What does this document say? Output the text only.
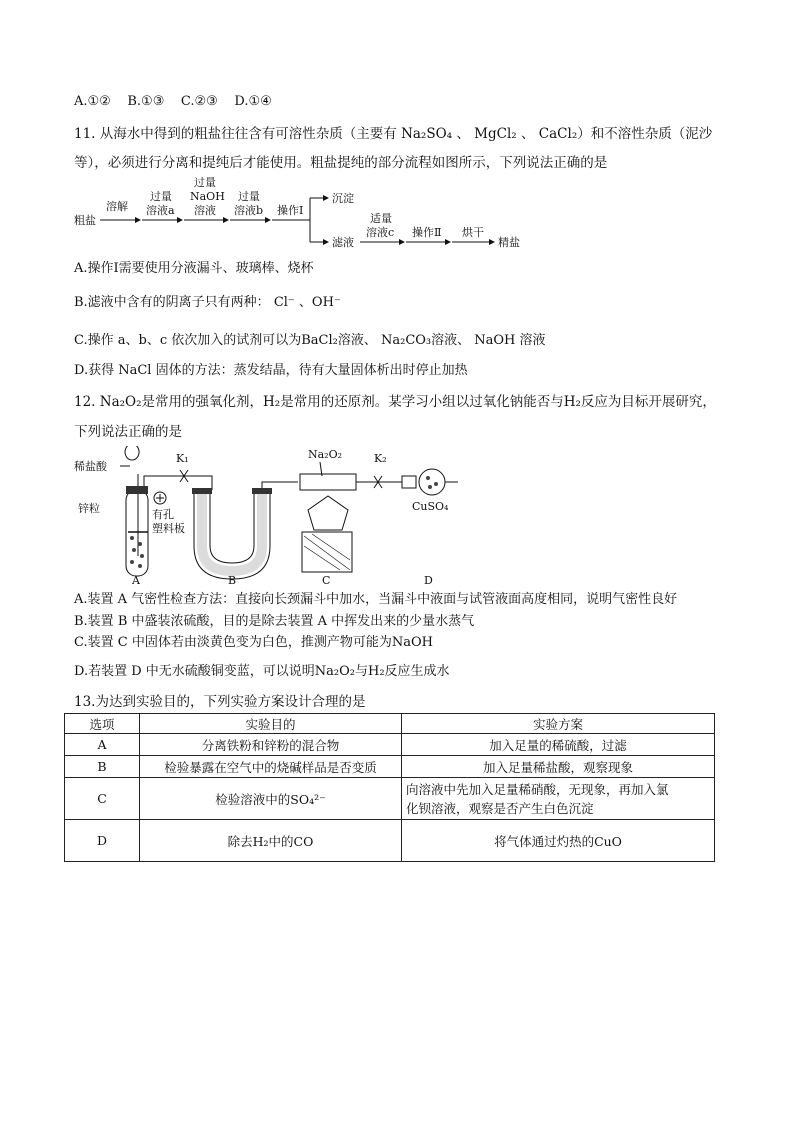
A.①② B.①③ C.②③ D.①④
11. 从海水中得到的粗盐往往含有可溶性杂质（主要有 Na₂SO₄ 、 MgCl₂ 、 CaCl₂）和不溶性杂质（泥沙
等），必须进行分离和提纯后才能使用。粗盐提纯的部分流程如图所示，下列说法正确的是
粗盐
溶解
过量
溶液a
过量
NaOH
溶液
过量
溶液b 操作Ⅰ
沉淀
滤液
适量
溶液c 操作Ⅱ 烘干
精盐
A.操作Ⅰ需要使用分液漏斗、玻璃棒、烧杯
B.滤液中含有的阴离子只有两种： Cl⁻ 、OH⁻
C.操作 a、b、c 依次加入的试剂可以为BaCl₂溶液、 Na₂CO₃溶液、 NaOH 溶液
D.获得 NaCl 固体的方法：蒸发结晶，待有大量固体析出时停止加热
12. Na₂O₂是常用的强氧化剂，H₂是常用的还原剂。某学习小组以过氧化钠能否与H₂反应为目标开展研究，
下列说法正确的是
稀盐酸
锌粒	有孔
塑料板
A
K₁
B
Na₂O₂
C
K₂
CuSO₄
D
A.装置 A 气密性检查方法：直接向长颈漏斗中加水，当漏斗中液面与试管液面高度相同，说明气密性良好
B.装置 B 中盛装浓硫酸，目的是除去装置 A 中挥发出来的少量水蒸气
C.装置 C 中固体若由淡黄色变为白色，推测产物可能为NaOH
D.若装置 D 中无水硫酸铜变蓝，可以说明Na₂O₂与H₂反应生成水
13.为达到实验目的，下列实验方案设计合理的是
选项	实验目的	实验方案
A	分离铁粉和锌粉的混合物	加入足量的稀硫酸，过滤
B	检验暴露在空气中的烧碱样品是否变质	加入足量稀盐酸，观察现象
C	检验溶液中的SO₄²⁻	向溶液中先加入足量稀硝酸，无现象，再加入氯
化钡溶液，观察是否产生白色沉淀

D	除去H₂中的CO	将气体通过灼热的CuO
